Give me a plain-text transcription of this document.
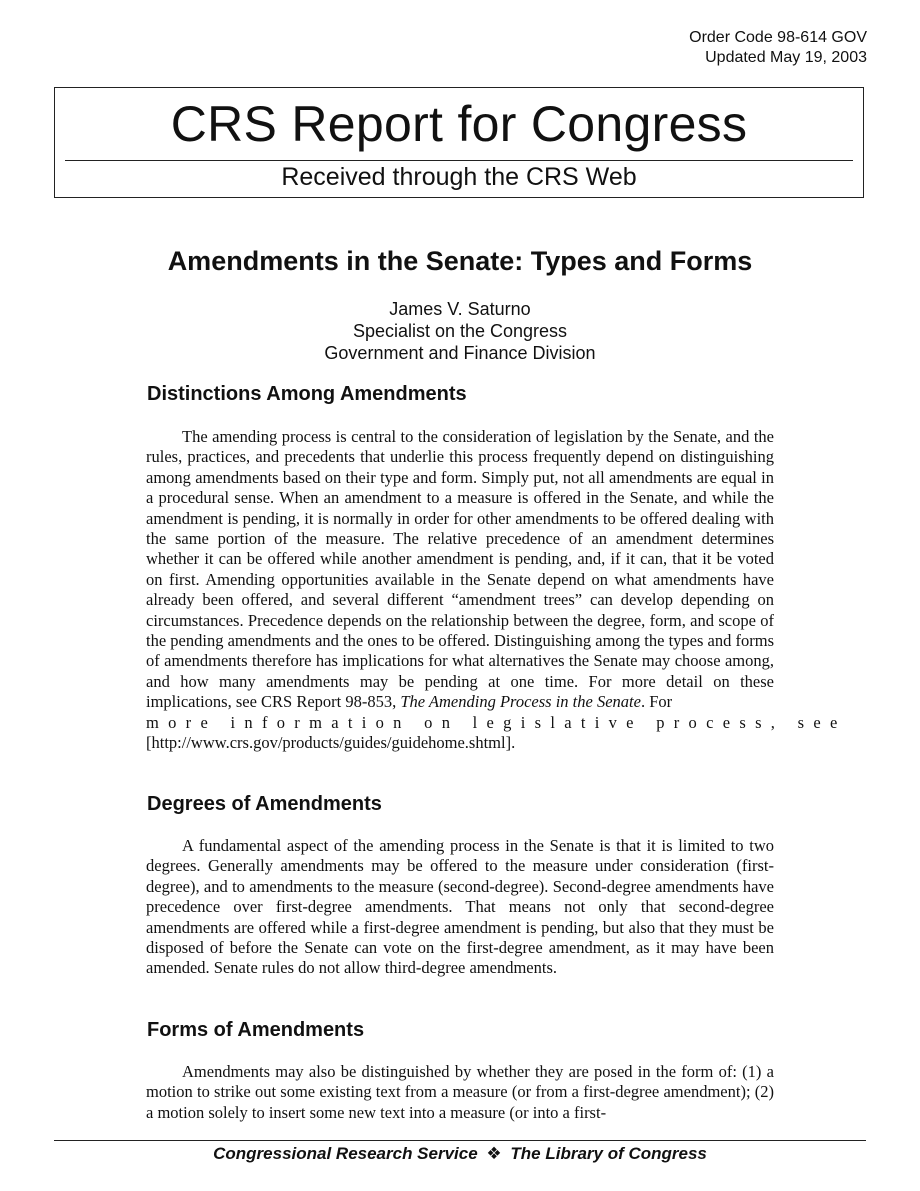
Order Code 98-614 GOV
Updated May 19, 2003
CRS Report for Congress
Received through the CRS Web
Amendments in the Senate: Types and Forms
James V. Saturno
Specialist on the Congress
Government and Finance Division
Distinctions Among Amendments

The amending process is central to the consideration of legislation by the Senate, and the rules, practices, and precedents that underlie this process frequently depend on distinguishing among amendments based on their type and form. Simply put, not all amendments are equal in a procedural sense. When an amendment to a measure is offered in the Senate, and while the amendment is pending, it is normally in order for other amendments to be offered dealing with the same portion of the measure. The relative precedence of an amendment determines whether it can be offered while another amendment is pending, and, if it can, that it be voted on first. Amending opportunities available in the Senate depend on what amendments have already been offered, and several different “amendment trees” can develop depending on circumstances. Precedence depends on the relationship between the degree, form, and scope of the pending amendments and the ones to be offered. Distinguishing among the types and forms of amendments therefore has implications for what alternatives the Senate may choose among, and how many amendments may be pending at one time. For more detail on these implications, see CRS Report 98-853, The Amending Process in the Senate. For
more information on legislative process, see
[http://www.crs.gov/products/guides/guidehome.shtml].

Degrees of Amendments

A fundamental aspect of the amending process in the Senate is that it is limited to two degrees. Generally amendments may be offered to the measure under consideration (first-degree), and to amendments to the measure (second-degree). Second-degree amendments have precedence over first-degree amendments. That means not only that second-degree amendments are offered while a first-degree amendment is pending, but also that they must be disposed of before the Senate can vote on the first-degree amendment, as it may have been amended. Senate rules do not allow third-degree amendments.

Forms of Amendments

Amendments may also be distinguished by whether they are posed in the form of: (1) a motion to strike out some existing text from a measure (or from a first-degree amendment); (2) a motion solely to insert some new text into a measure (or into a first-

Congressional Research Service ❖ The Library of Congress
